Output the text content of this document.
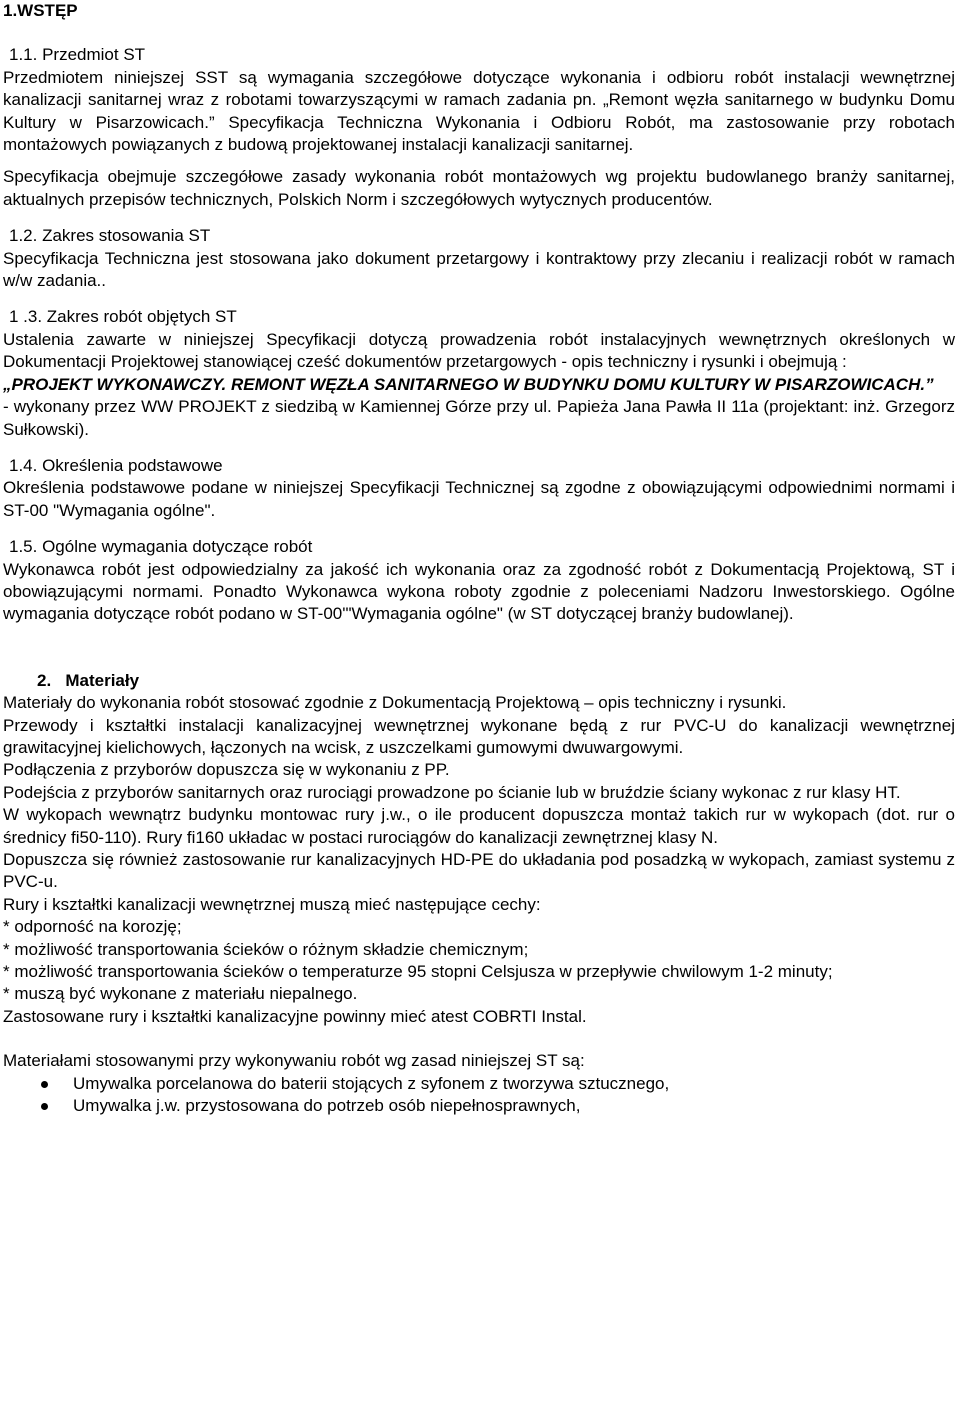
1.WSTĘP

1.1. Przedmiot ST

Przedmiotem niniejszej SST są wymagania szczegółowe dotyczące wykonania i odbioru robót instalacji wewnętrznej kanalizacji sanitarnej wraz z robotami towarzyszącymi w ramach zadania pn. „Remont węzła sanitarnego w budynku Domu Kultury w Pisarzowicach.” Specyfikacja Techniczna Wykonania i Odbioru Robót, ma zastosowanie przy robotach montażowych powiązanych z budową projektowanej instalacji kanalizacji sanitarnej.

Specyfikacja obejmuje szczegółowe zasady wykonania robót montażowych wg projektu budowlanego branży sanitarnej, aktualnych przepisów technicznych, Polskich Norm i szczegółowych wytycznych producentów.

1.2. Zakres stosowania ST

Specyfikacja Techniczna jest stosowana jako dokument przetargowy i kontraktowy przy zlecaniu i realizacji robót w ramach w/w zadania..

1 .3. Zakres robót objętych ST

Ustalenia zawarte w niniejszej Specyfikacji dotyczą prowadzenia robót instalacyjnych wewnętrznych określonych w Dokumentacji Projektowej stanowiącej cześć dokumentów przetargowych - opis techniczny i rysunki i obejmują :

„PROJEKT WYKONAWCZY. REMONT WĘZŁA SANITARNEGO W BUDYNKU DOMU KULTURY W PISARZOWICACH.”

- wykonany przez WW PROJEKT z siedzibą w Kamiennej Górze przy ul. Papieża Jana Pawła II 11a (projektant: inż. Grzegorz Sułkowski).

1.4. Określenia podstawowe

Określenia podstawowe podane w niniejszej Specyfikacji Technicznej są zgodne z obowiązującymi odpowiednimi normami i ST-00 "Wymagania ogólne".

1.5. Ogólne wymagania dotyczące robót

Wykonawca robót jest odpowiedzialny za jakość ich wykonania oraz za zgodność robót z Dokumentacją Projektową, ST i obowiązującymi normami. Ponadto Wykonawca wykona roboty zgodnie z poleceniami Nadzoru Inwestorskiego. Ogólne wymagania dotyczące robót podano w ST-00'"Wymagania ogólne" (w ST dotyczącej branży budowlanej).

2. Materiały

Materiały do wykonania robót stosować zgodnie z Dokumentacją Projektową – opis techniczny i rysunki.

Przewody i kształtki instalacji kanalizacyjnej wewnętrznej wykonane będą z rur PVC-U do kanalizacji wewnętrznej grawitacyjnej kielichowych, łączonych na wcisk, z uszczelkami gumowymi dwuwargowymi.

Podłączenia z przyborów dopuszcza się w wykonaniu z PP.

Podejścia z przyborów sanitarnych oraz rurociągi prowadzone po ścianie lub w bruździe ściany wykonac z rur klasy HT.

W wykopach wewnątrz budynku montowac rury j.w., o ile producent dopuszcza montaż takich rur w wykopach (dot. rur o średnicy fi50-110). Rury fi160 układac w postaci rurociągów do kanalizacji zewnętrznej klasy N.

Dopuszcza się również zastosowanie rur kanalizacyjnych HD-PE do układania pod posadzką w wykopach, zamiast systemu z PVC-u.

Rury i kształtki kanalizacji wewnętrznej muszą mieć następujące cechy:

* odporność na korozję;

* możliwość transportowania ścieków o różnym składzie chemicznym;

* możliwość transportowania ścieków o temperaturze 95 stopni Celsjusza w przepływie chwilowym 1-2 minuty;

* muszą być wykonane z materiału niepalnego.

Zastosowane rury i kształtki kanalizacyjne powinny mieć atest COBRTI Instal.

Materiałami stosowanymi przy wykonywaniu robót wg zasad niniejszej ST są:

Umywalka porcelanowa do baterii stojących z syfonem z tworzywa sztucznego,
Umywalka j.w. przystosowana do potrzeb osób niepełnosprawnych,
